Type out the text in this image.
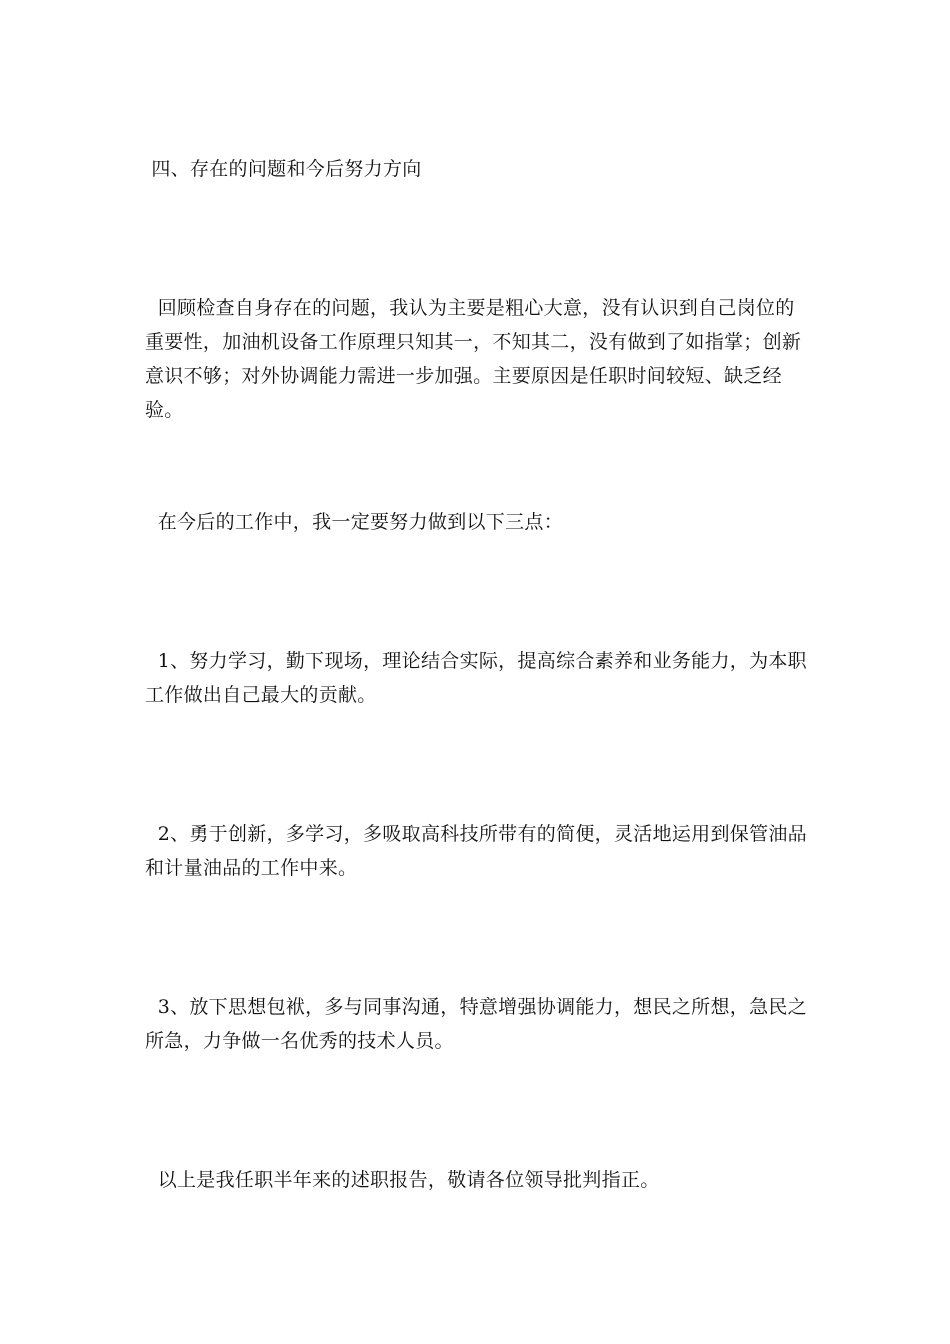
四、存在的问题和今后努力方向

回顾检查自身存在的问题，我认为主要是粗心大意，没有认识到自己岗位的重要性，加油机设备工作原理只知其一，不知其二，没有做到了如指掌；创新意识不够；对外协调能力需进一步加强。主要原因是任职时间较短、缺乏经验。

在今后的工作中，我一定要努力做到以下三点：

1、努力学习，勤下现场，理论结合实际，提高综合素养和业务能力，为本职工作做出自己最大的贡献。

2、勇于创新，多学习，多吸取高科技所带有的简便，灵活地运用到保管油品和计量油品的工作中来。

3、放下思想包袱，多与同事沟通，特意增强协调能力，想民之所想，急民之所急，力争做一名优秀的技术人员。

以上是我任职半年来的述职报告，敬请各位领导批判指正。
